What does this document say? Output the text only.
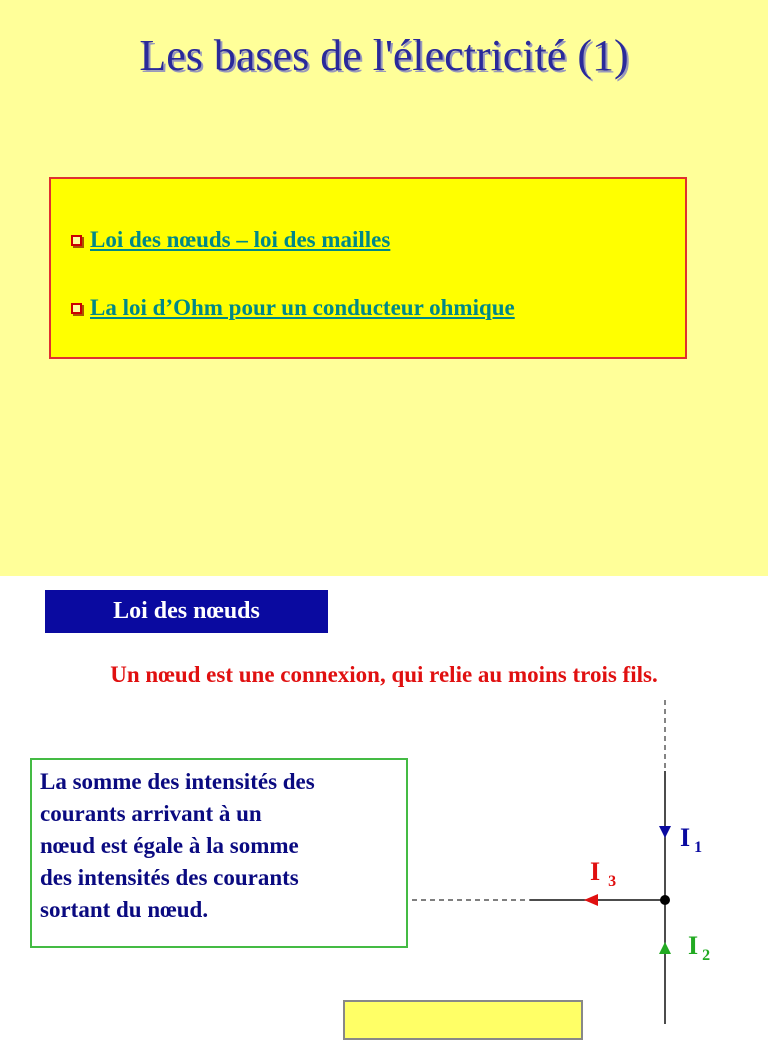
Les bases de l'électricité (1)
Loi des nœuds – loi des mailles
La loi d’Ohm pour un conducteur ohmique
Loi des nœuds
Un nœud est une connexion, qui relie au moins trois fils.
La somme des intensités des
courants arrivant à un
nœud est égale à la somme
des intensités des courants
sortant du nœud.
I $_1$
I $_3$
I $_2$
